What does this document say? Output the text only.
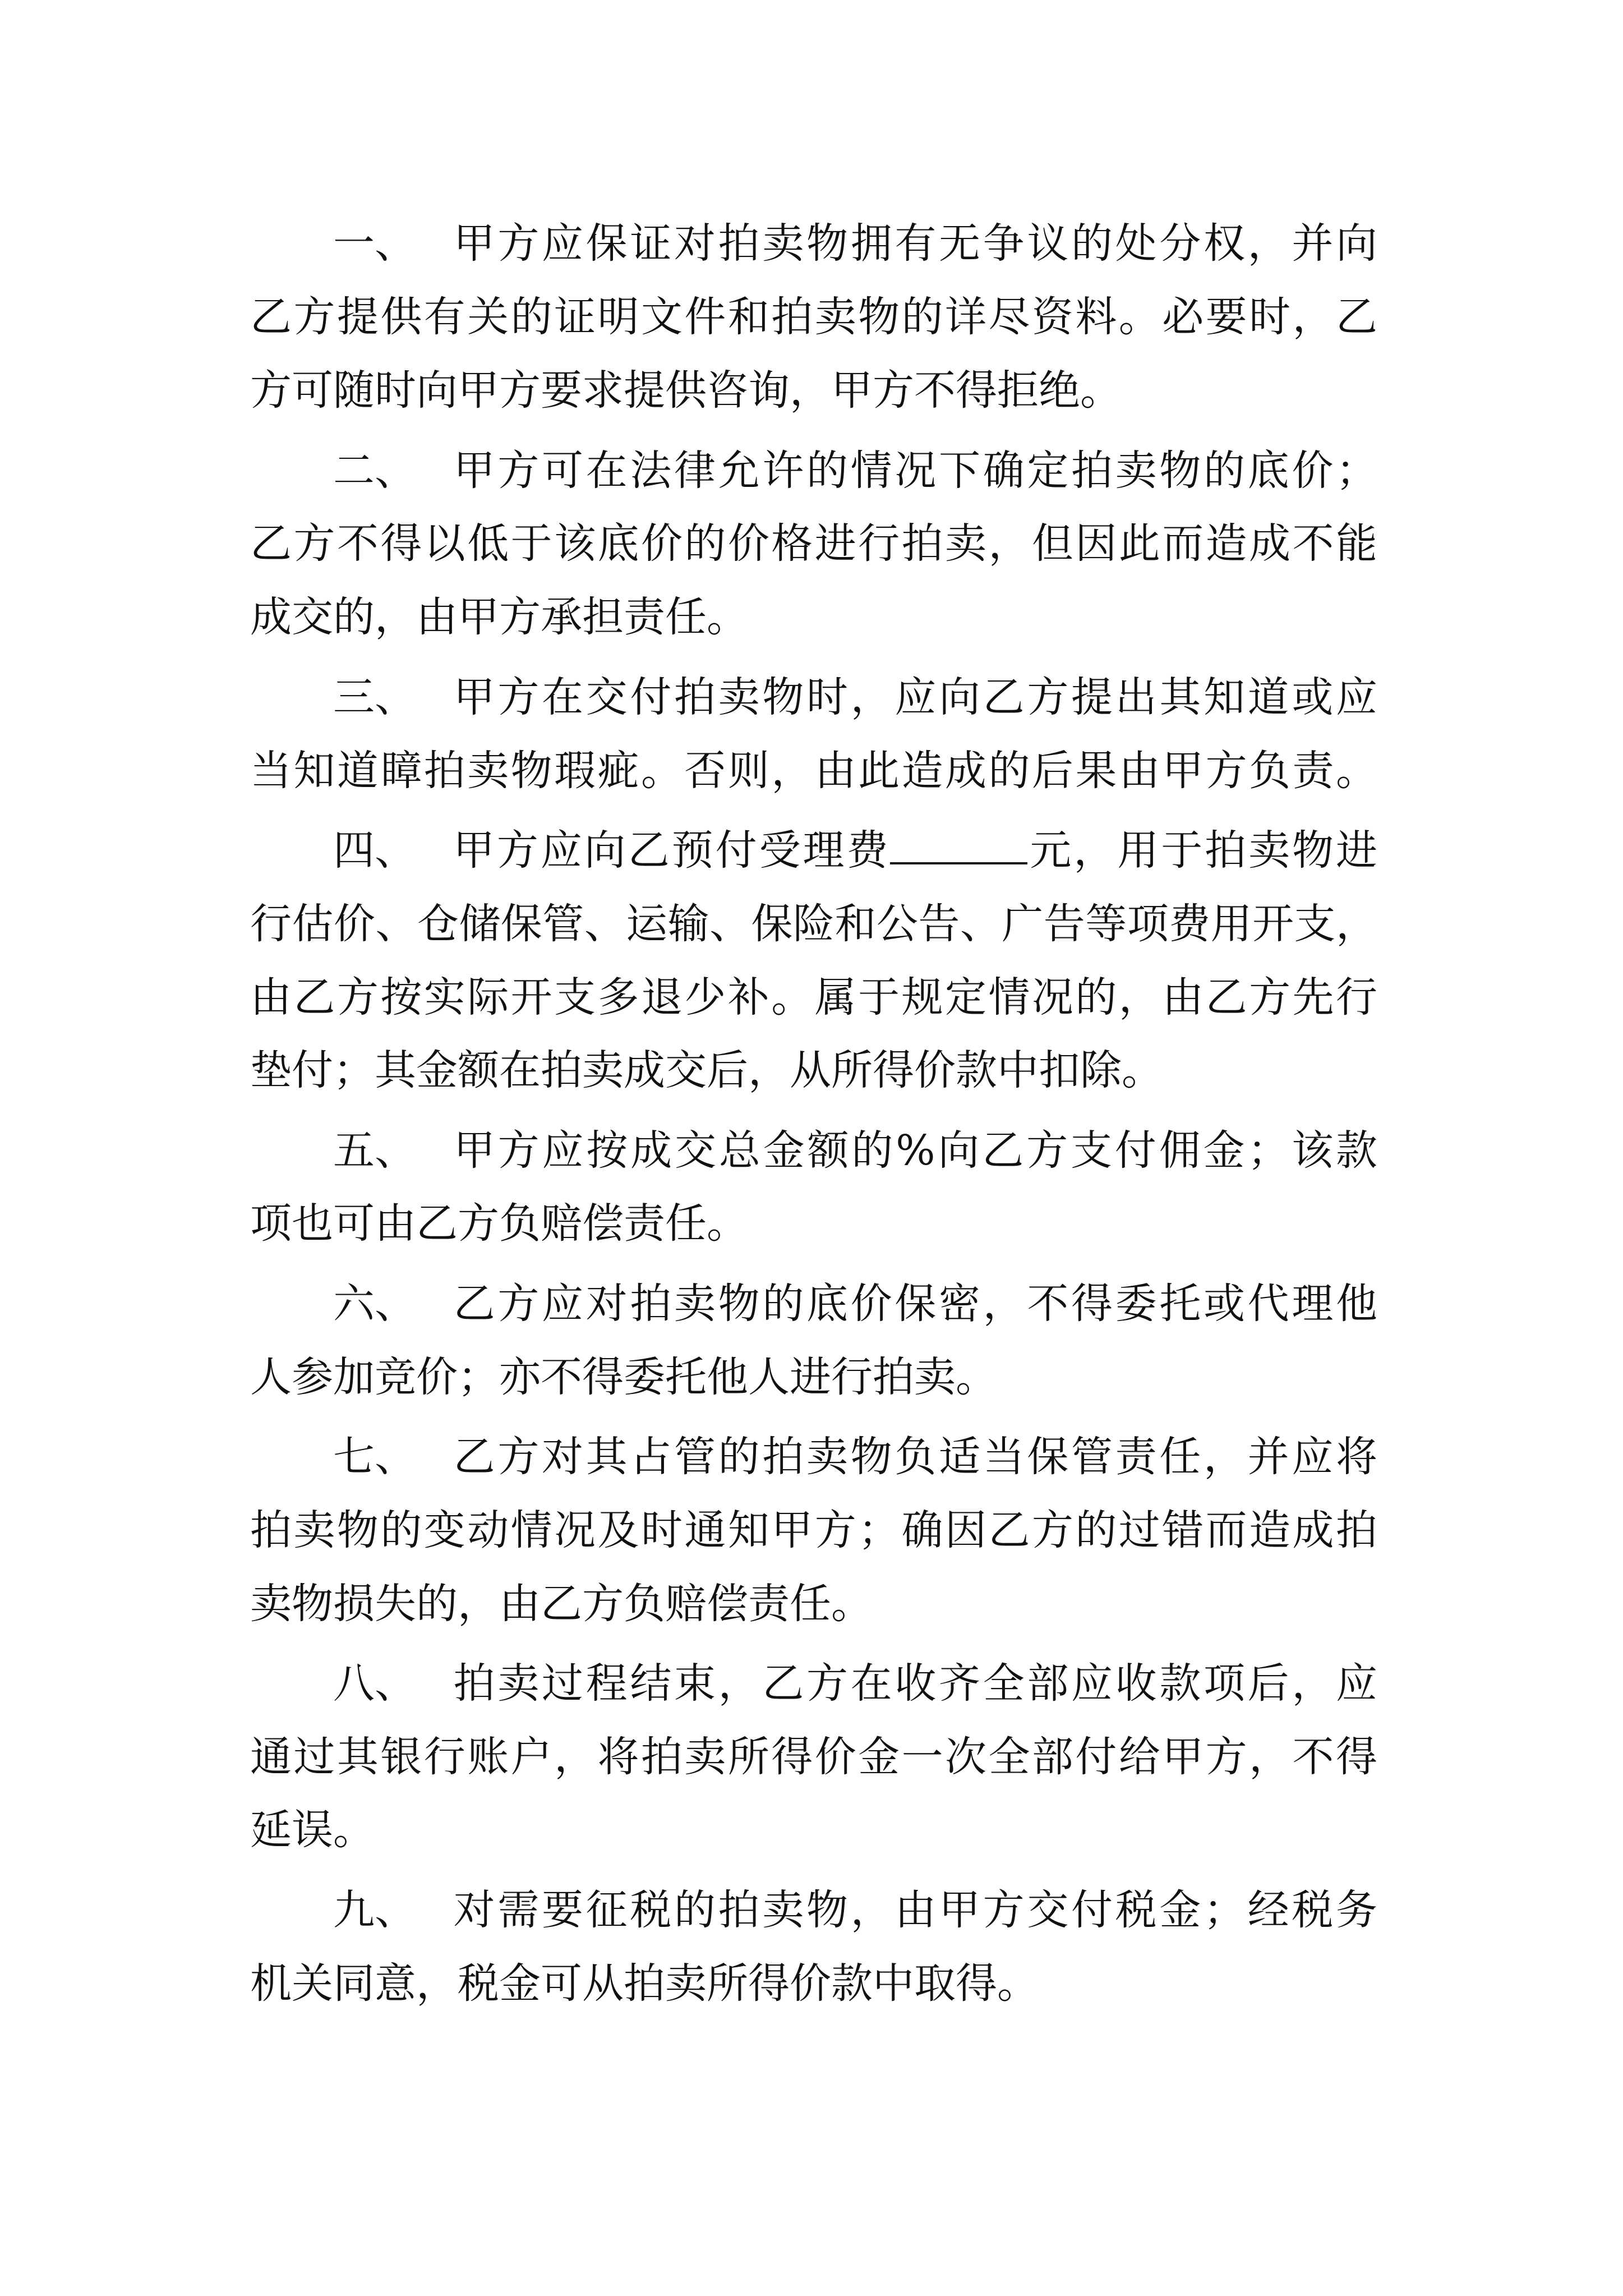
一、 甲方应保证对拍卖物拥有无争议的处分权，并向
乙方提供有关的证明文件和拍卖物的详尽资料。必要时，乙
方可随时向甲方要求提供咨询，甲方不得拒绝。
二、 甲方可在法律允许的情况下确定拍卖物的底价；
乙方不得以低于该底价的价格进行拍卖，但因此而造成不能
成交的，由甲方承担责任。
三、 甲方在交付拍卖物时，应向乙方提出其知道或应
当知道瞕拍卖物瑕疵。否则，由此造成的后果由甲方负责。
四、 甲方应向乙预付受理费	元，用于拍卖物进
行估价、仓储保管、运输、保险和公告、广告等项费用开支，
由乙方按实际开支多退少补。属于规定情况的，由乙方先行
垫付；其金额在拍卖成交后，从所得价款中扣除。
五、 甲方应按成交总金额的%向乙方支付佣金；该款
项也可由乙方负赔偿责任。
六、 乙方应对拍卖物的底价保密，不得委托或代理他
人参加竞价；亦不得委托他人进行拍卖。
七、 乙方对其占管的拍卖物负适当保管责任，并应将
拍卖物的变动情况及时通知甲方；确因乙方的过错而造成拍
卖物损失的，由乙方负赔偿责任。
八、 拍卖过程结束，乙方在收齐全部应收款项后，应
通过其银行账户，将拍卖所得价金一次全部付给甲方，不得
延误。
九、 对需要征税的拍卖物，由甲方交付税金；经税务
机关同意，税金可从拍卖所得价款中取得。
